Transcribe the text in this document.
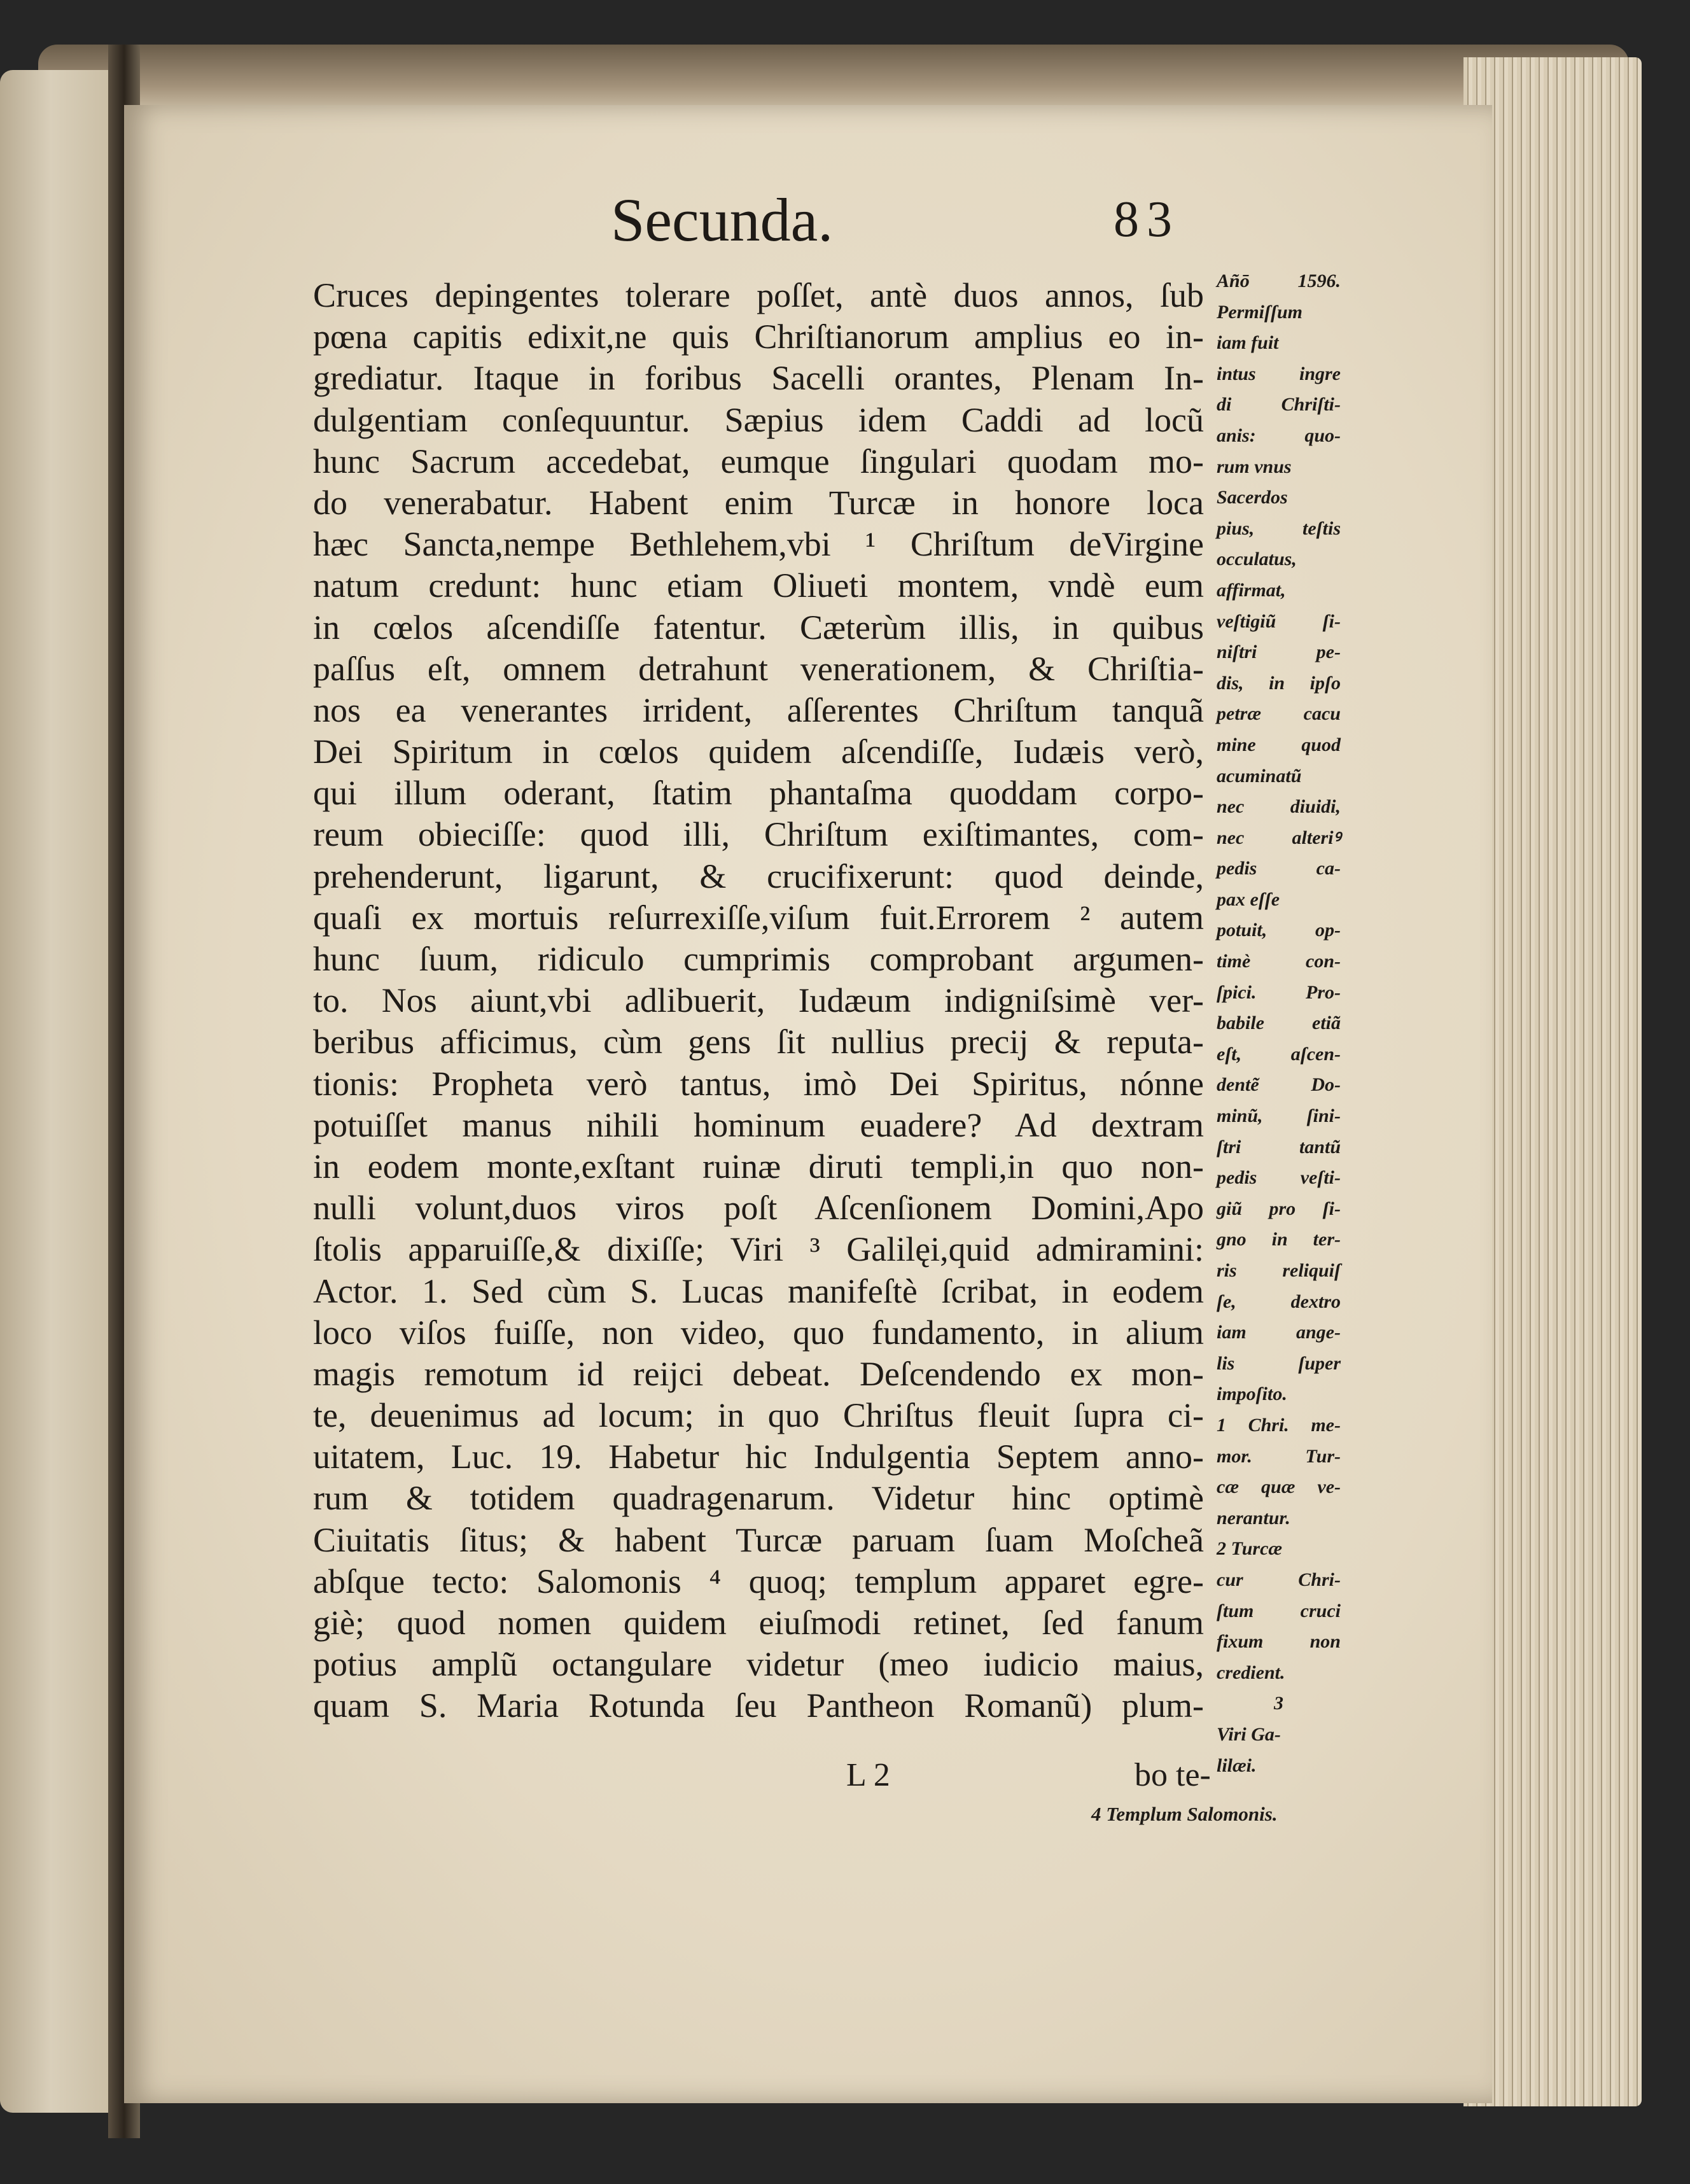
Secunda.	83
Cruces depingentes tolerare poſſet, antè duos annos, ſub
pœna capitis edixit,ne quis Chriſtianorum amplius eo in-
grediatur. Itaque in foribus Sacelli orantes, Plenam In-
dulgentiam conſequuntur. Sæpius idem Caddi ad locũ
hunc Sacrum accedebat, eumque ſingulari quodam mo-
do venerabatur. Habent enim Turcæ in honore loca
hæc Sancta,nempe Bethlehem,vbi ¹ Chriſtum deVirgine
natum credunt: hunc etiam Oliueti montem, vndè eum
in cœlos aſcendiſſe fatentur. Cæterùm illis, in quibus
paſſus eſt, omnem detrahunt venerationem, & Chriſtia-
nos ea venerantes irrident, aſſerentes Chriſtum tanquã
Dei Spiritum in cœlos quidem aſcendiſſe, Iudæis verò,
qui illum oderant, ſtatim phantaſma quoddam corpo-
reum obieciſſe: quod illi, Chriſtum exiſtimantes, com-
prehenderunt, ligarunt, & crucifixerunt: quod deinde,
quaſi ex mortuis reſurrexiſſe,viſum fuit.Errorem ² autem
hunc ſuum, ridiculo cumprimis comprobant argumen-
to. Nos aiunt,vbi adlibuerit, Iudæum indigniſsimè ver-
beribus afficimus, cùm gens ſit nullius precij & reputa-
tionis: Propheta verò tantus, imò Dei Spiritus, nónne
potuiſſet manus nihili hominum euadere? Ad dextram
in eodem monte,exſtant ruinæ diruti templi,in quo non-
nulli volunt,duos viros poſt Aſcenſionem Domini,Apo
ſtolis apparuiſſe,& dixiſſe; Viri ³ Galilęi,quid admiramini:
Actor. 1. Sed cùm S. Lucas manifeſtè ſcribat, in eodem
loco viſos fuiſſe, non video, quo fundamento, in alium
magis remotum id reijci debeat. Deſcendendo ex mon-
te, deuenimus ad locum; in quo Chriſtus fleuit ſupra ci-
uitatem, Luc. 19. Habetur hic Indulgentia Septem anno-
rum & totidem quadragenarum. Videtur hinc optimè
Ciuitatis ſitus; & habent Turcæ paruam ſuam Moſcheã
abſque tecto: Salomonis ⁴ quoq; templum apparet egre-
giè; quod nomen quidem eiuſmodi retinet, ſed fanum
potius amplũ octangulare videtur (meo iudicio maius,
quam S. Maria Rotunda ſeu Pantheon Romanũ) plum-
Añō 1596.
Permiſſum
iam fuit
intus ingre
di Chriſti-
anis: quo-
rum vnus
Sacerdos
pius, teſtis
occulatus,
affirmat,
veſtigiũ ſi-
niſtri pe-
dis, in ipſo
petræ cacu
mine quod
acuminatũ
nec diuidi,
nec alteriꝰ
pedis ca-
pax eſſe
potuit, op-
timè con-
ſpici. Pro-
babile etiã
eſt, aſcen-
dentẽ Do-
minũ, ſini-
ſtri tantũ
pedis veſti-
giũ pro ſi-
gno in ter-
ris reliquiſ
ſe, dextro
iam ange-
lis ſuper
impoſito.
1 Chri. me-
mor. Tur-
cæ quæ ve-
nerantur.
2 Turcæ
cur Chri-
ſtum cruci
fixum non
credient.
3
Viri Ga-
lilæi.
4 Templum Salomonis.
L 2	bo te-
